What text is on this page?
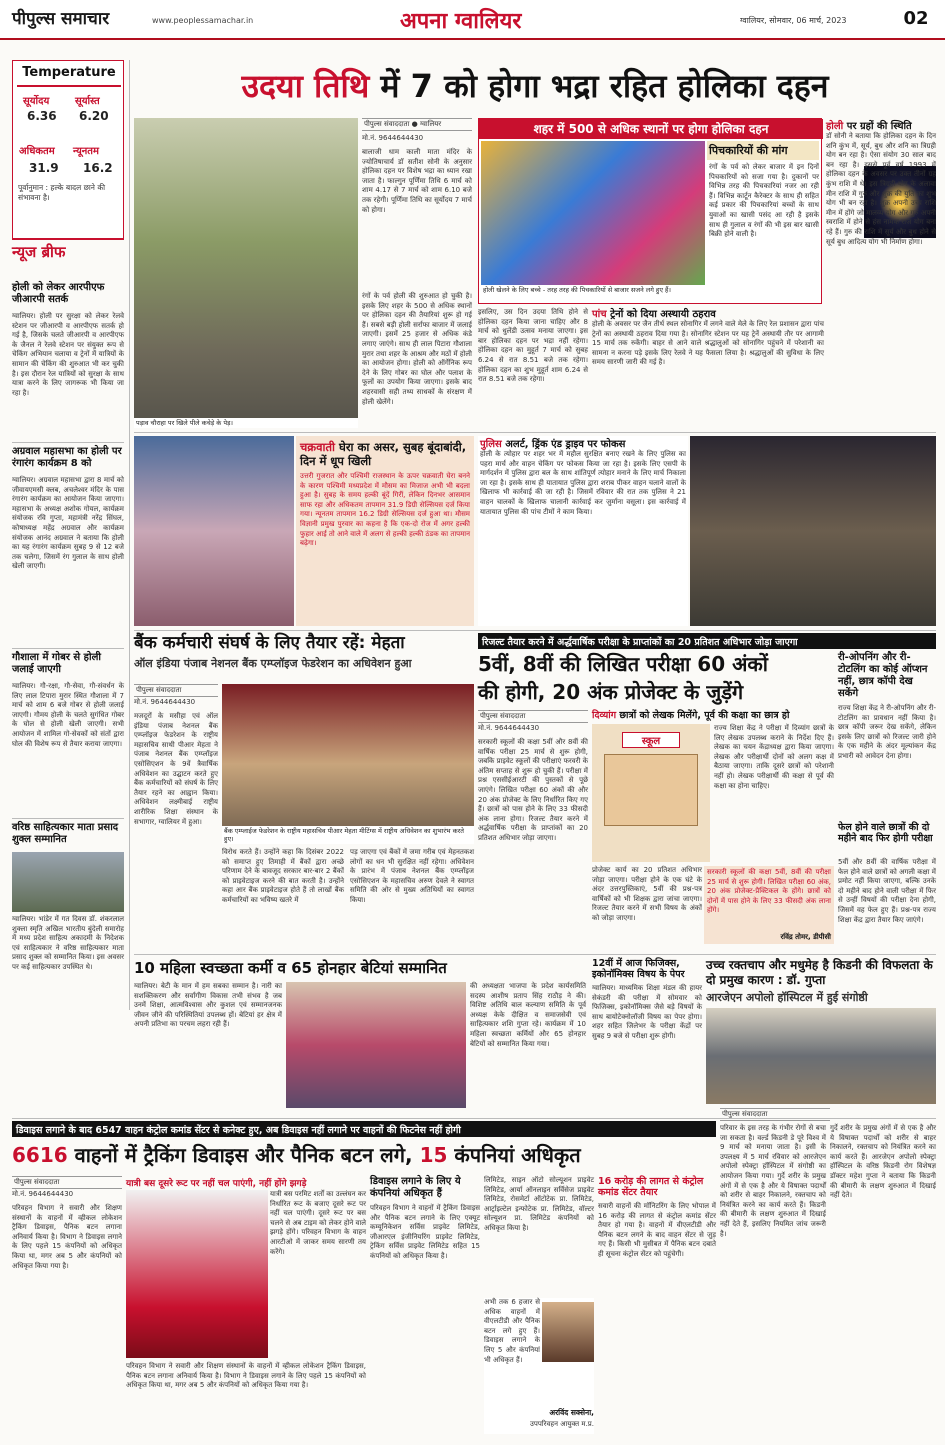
पीपुल्स समाचार	www.peoplessamachar.in	अपना ग्वालियर	ग्वालियर, सोमवार, 06 मार्च, 2023	02
Temperature
सूर्योदय	सूर्यास्त
6.36 6.20
अधिकतम न्यूनतम
31.9 16.2
पूर्वानुमान : हल्के बादल छाने की संभावना है।
न्यूज ब्रीफ
होली को लेकर आरपीएफ जीआरपी सतर्क
ग्वालियर। होली पर सुरक्षा को लेकर रेलवे स्टेशन पर जीआरपी व आरपीएफ सतर्क हो गई है, जिसके चलते जीआरपी व आरपीएफ के जैनल ने रेलवे स्टेशन पर संयुक्त रूप से चेकिंग अभियान चलाया व ट्रेनों में यात्रियों के सामान की चेकिंग की शुरुआत भी कर चुकी है। इस दौरान रेल यात्रियों को सुरक्षा के साथ यात्रा करने के लिए जागरूक भी किया जा रहा है।
अग्रवाल महासभा का होली पर रंगारंग कार्यक्रम 8 को
ग्वालियर। अग्रवाल महासभा द्वारा 8 मार्च को जीवायएमसी क्लब, अचलेश्वर मंदिर के पास रंगारंग कार्यक्रम का आयोजन किया जाएगा। महासभा के अध्यक्ष अशोक गोयल, कार्यक्रम संयोजक रवि गुप्ता, महामंत्री नरेंद्र सिंघल, कोषाध्यक्ष महेंद्र अग्रवाल और कार्यक्रम संयोजक आनंद अग्रवाल ने बताया कि होली का यह रंगारंग कार्यक्रम सुबह 9 से 12 बजे तक चलेगा, जिसमें रंग गुलाल के साथ होली खेली जाएगी।
गौशाला में गोबर से होली जलाई जाएगी
ग्वालियर। गौ-रक्षा, गौ-सेवा, गौ-संवर्धन के लिए लाल टिपारा मुरार स्थित गौशाला में 7 मार्च को शाम 6 बजे गोबर से होली जलाई जाएगी। गौमय होली के चलते सुगंधित गोबर के घोल से होली खेली जाएगी। सभी आयोजन में शामिल गो-सेवकों को संतों द्वारा घोल की विशेष रूप से तैयार कराया जाएगा।
वरिष्ठ साहित्यकार माता प्रसाद शुक्ल सम्मानित
ग्वालियर। भांडेर में गत दिवस डॉ. शंकरलाल शुक्ला स्मृति अखिल भारतीय बुंदेली समारोह में मध्य प्रदेश साहित्य अकादमी के निदेशक एवं साहित्यकार ने वरिष्ठ साहित्यकार माता प्रसाद शुक्ल को सम्मानित किया। इस अवसर पर कई साहित्यकार उपस्थित थे।
उदया तिथि में 7 को होगा भद्रा रहित होलिका दहन
पड़ाव चौराहा पर खिले पीले कचेड़े के पेड़।
पीपुल्स संवाददाता ● ग्वालियर
मो.नं. 9644644430
बालाजी धाम काली माता मंदिर के ज्योतिषाचार्य डॉ सतीश सोनी के अनुसार होलिका दहन पर विशेष भद्रा का ध्यान रखा जाता है। फाल्गुन पूर्णिमा तिथि 6 मार्च को शाम 4.17 से 7 मार्च को शाम 6.10 बजे तक रहेगी। पूर्णिमा तिथि का सूर्योदय 7 मार्च को होगा।
रंगों के पर्व होली की शुरुआत हो चुकी है। इसके लिए शहर के 500 से अधिक स्थानों पर होलिका दहन की तैयारियां शुरू हो गई हैं। सबसे बड़ी होली सर्राफा बाजार में जलाई जाएगी। इसमें 25 हजार से अधिक कंडे लगाए जाएंगे। साथ ही लाल पिटारा गौशाला मुरार तथा शहर के आश्रम और मठों में होली का आयोजन होगा। होली को ऑर्गेनिक रूप देने के लिए गोबर का घोल और पलाश के फूलों का उपयोग किया जाएगा। इसके बाद शहरवासी सही तथ्य साधकों के संरक्षण में होली खेलेंगे।
शहर में 500 से अधिक स्थानों पर होगा होलिका दहन
होली खेलने के लिए बच्चे - तरह तरह की पिचकारियों से बाजार सजने लगे हुए हैं।
पिचकारियों की मांग
रंगों के पर्व को लेकर बाजार में इन दिनों पिचकारियों को सजा गया है। दुकानों पर विभिन्न तरह की पिचकारियां नजर आ रही हैं। विभिन्न कार्टून कैरेक्टर के साथ ही सहित कई प्रकार की पिचकारियां बच्चों के साथ युवाओं का खासी पसंद आ रही है इसके साथ ही गुलाल व रंगों की भी इस बार खासी बिक्री होने वाली है।
इसलिए, उस दिन उदया तिथि होने से होलिका दहन किया जाना चाहिए और 8 मार्च को धुलेंडी उत्सव मनाया जाएगा। इस बार होलिका दहन पर भद्रा नहीं रहेगा। होलिका दहन का मुहूर्त 7 मार्च को सुबह 6.24 से रात 8.51 बजे तक रहेगा। होलिका दहन का शुभ मुहूर्त शाम 6.24 से रात 8.51 बजे तक रहेगा।
होली पर ग्रहों की स्थिति
डॉ सोनी ने बताया कि होलिका दहन के दिन शनि कुंभ में, सूर्य, बुध और शनि का त्रिग्रही योग बन रहा है। ऐसा संयोग 30 साल बाद बन रहा है। इससे पूर्व वर्ष 1993 में होलिका दहन के अवसर पर उक्त तीनों ग्रह कुंभ राशि में थे। इस त्रिग्रही योग के अलावा मीन राशि में गुरु और शुक्र की युति का शुभ योग भी बन रहा है। शुक्र अपनी उच्च राशि मीन में होंगे जो मालव्य योग और गुरु अपनी स्वराशि में होने से हंस नामक राज योग बना रहे हैं। गुरु की राशि में सूर्य और बुध होने से सूर्य बुध आदित्य योग भी निर्माण होगा।
पांच ट्रेनों को दिया अस्थायी ठहराव
होली के अवसर पर जैन तीर्थ स्थल सोनागिर में लगने वाले मेले के लिए रेल प्रशासन द्वारा पांच ट्रेनों का अस्थायी ठहराव दिया गया है। सोनागिर स्टेशन पर यह ट्रेनें अस्थायी तौर पर आगामी 15 मार्च तक रुकेंगी। बाहर से आने वाले श्रद्धालुओं को सोनागिर पहुंचने में परेशानी का सामना न करना पड़े इसके लिए रेलवे ने यह फैसला लिया है। श्रद्धालुओं की सुविधा के लिए समय सारणी जारी की गई है।
चक्रवाती घेरा का असर, सुबह बूंदाबांदी, दिन में धूप खिली
उत्तरी गुजरात और पश्चिमी राजस्थान के ऊपर चक्रवाती घेरा बनने के कारण पश्चिमी मध्यप्रदेश में मौसम का मिजाज अभी भी बदला हुआ है। सुबह के समय हल्की बूंदें गिरीं, लेकिन दिनभर आसमान साफ रहा और अधिकतम तापमान 31.9 डिग्री सेल्सियस दर्ज किया गया। न्यूनतम तापमान 16.2 डिग्री सेल्सियस दर्ज हुआ था। मौसम विज्ञानी प्रमुख पुरवार का कहना है कि एक-दो रोज में अगर हल्की फुहार आई तो आने वाले में अलग से हल्की हल्की ठंडक का तापमान बढ़ेगा।
पुलिस अलर्ट, ड्रिंक एंड ड्राइव पर फोकस
होली के त्योहार पर शहर भर में महौल सुरक्षित बनाए रखने के लिए पुलिस का पहरा मार्च और वाहन चेकिंग पर फोकस किया जा रहा है। इसके लिए एसपी के मार्गदर्शन में पुलिस द्वारा बल के साथ शांतिपूर्ण त्योहार मनाने के लिए मार्च निकाला जा रहा है। इसके साथ ही यातायात पुलिस द्वारा शराब पीकर वाहन चलाने वालों के खिलाफ भी कार्रवाई की जा रही है। जिसमें रविवार की रात तक पुलिस ने 21 वाहन चालकों के खिलाफ चालानी कार्रवाई कर जुर्माना वसूला। इस कार्रवाई में यातायात पुलिस की पांच टीमों ने काम किया।
बैंक कर्मचारी संघर्ष के लिए तैयार रहें: मेहता
ऑल इंडिया पंजाब नेशनल बैंक एम्प्लॉइज फेडरेशन का अधिवेशन हुआ
पीपुल्स संवाददाता
मो.नं. 9644644430
मजदूरों के मसीहा एवं ऑल इंडिया पंजाब नेशनल बैंक एम्प्लॉइज फेडरेशन के राष्ट्रीय महासचिव साथी पीआर मेहता ने पंजाब नेशनल बैंक एम्प्लॉइज एसोसिएशन के 9वें त्रैवार्षिक अधिवेशन का उद्घाटन करते हुए बैंक कर्मचारियों को संघर्ष के लिए तैयार रहने का आह्वान किया। अधिवेशन लक्ष्मीबाई राष्ट्रीय शारीरिक शिक्षा संस्थान के सभागार, ग्वालियर में हुआ।
बैंक एम्प्लाईज फेडरेशन के राष्ट्रीय महासचिव पीआर मेहता मीटिंग्स में राष्ट्रीय अधिवेशन का शुभारंभ करते हुए।
विरोध करते हैं। उन्होंने कहा कि दिसंबर 2022 को समाप्त हुए तिमाही में बैंकों द्वारा अच्छे परिणाम देने के बावजूद सरकार बार-बार 2 बैंकों को प्राइवेटाइज करने की बात करती है। उन्होंने कहा आर बैंक प्राइवेटाइज होते हैं तो लाखों बैंक कर्मचारियों का भविष्य खतरे में
पड़ जाएगा एवं बैंकों में जमा गरीब एवं मेहनतकश लोगों का धन भी सुरक्षित नहीं रहेगा। अधिवेशन के प्रारंभ में पंजाब नेशनल बैंक एम्प्लॉइज एसोसिएशन के महासचिव अरुण देवले ने स्वागत समिति की ओर से मुख्य अतिथियों का स्वागत किया।
रिजल्ट तैयार करने में अर्द्धवार्षिक परीक्षा के प्राप्तांकों का 20 प्रतिशत अधिभार जोड़ा जाएगा
5वीं, 8वीं की लिखित परीक्षा 60 अंकों
की होगी, 20 अंक प्रोजेक्ट के जुड़ेंगे
पीपुल्स संवाददाता
मो.नं. 9644644430
सरकारी स्कूलों की कक्षा 5वीं और 8वीं की वार्षिक परीक्षा 25 मार्च से शुरू होगी, जबकि प्राइवेट स्कूलों की परीक्षाएं फरवरी के अंतिम सप्ताह से शुरू हो चुकी हैं। परीक्षा में प्रश्न एससीईआरटी की पुस्तकों से पूछे जाएंगे। लिखित परीक्षा 60 अंकों की और 20 अंक प्रोजेक्ट के लिए निर्धारित किए गए हैं। छात्रों को पास होने के लिए 33 फीसदी अंक लाना होगा। रिजल्ट तैयार करने में अर्द्धवार्षिक परीक्षा के प्राप्तांकों का 20 प्रतिशत अधिभार जोड़ा जाएगा।
दिव्यांग छात्रों को लेखक मिलेंगे, पूर्व की कक्षा का छात्र हो
स्कूल
राज्य शिक्षा केंद्र ने परीक्षा में दिव्यांग छात्रों के लिए लेखक उपलब्ध कराने के निर्देश दिए हैं। लेखक का चयन केंद्राध्यक्ष द्वारा किया जाएगा। लेखक और परीक्षार्थी दोनों को अलग कक्ष में बैठाया जाएगा। ताकि दूसरे छात्रों को परेशानी नहीं हो। लेखक परीक्षार्थी की कक्षा से पूर्व की कक्षा का होना चाहिए।
प्रोजेक्ट कार्य का 20 प्रतिशत अधिभार जोड़ा जाएगा। परीक्षा होने के एक घंटे के अंदर उत्तरपुस्तिकाएं, 5वीं की प्रश्न-पत्र वार्षिकों को भी शिक्षक द्वारा जांचा जाएगा। रिजल्ट तैयार करने में सभी विषय के अंकों को जोड़ा जाएगा।
सरकारी स्कूलों की कक्षा 5वीं, 8वीं की परीक्षा 25 मार्च से शुरू होगी। लिखित परीक्षा 60 अंक, 20 अंक प्रोजेक्ट-प्रैक्टिकल के होंगे। छात्रों को दोनों में पास होने के लिए 33 फीसदी अंक लाना होंगे।
रविंद्र तोमर, डीपीसी
री-ओपनिंग और री-टोटलिंग का कोई ऑप्शन नहीं, छात्र कॉपी देख सकेंगे
राज्य शिक्षा केंद्र ने री-ओपनिंग और री-टोटलिंग का प्रावधान नहीं किया है। छात्र कॉपी जरूर देख सकेंगे, लेकिन इसके लिए छात्रों को रिजल्ट जारी होने के एक महीने के अंदर मूल्यांकन केंद्र प्रभारी को आवेदन देना होगा।
फेल होने वाले छात्रों की दो महीने बाद फिर होगी परीक्षा
5वीं और 8वीं की वार्षिक परीक्षा में फेल होने वाले छात्रों को अगली कक्षा में प्रमोट नहीं किया जाएगा, बल्कि उनके दो महीने बाद होने वाली परीक्षा में फिर से उन्हीं विषयों की परीक्षा देना होगी, जिसमें वह फेल हुए हैं। प्रश्न-पत्र राज्य शिक्षा केंद्र द्वारा तैयार किए जाएंगे।
10 महिला स्वच्छता कर्मी व 65 होनहार बेटियां सम्मानित
ग्वालियर। बेटी के मान में हम सबका सम्मान है। नारी का सशक्तिकरण और सर्वांगीण विकास तभी संभव है जब उनमें शिक्षा, आत्मविश्वास और कुशल एवं सम्मानजनक जीवन जीने की परिस्थितियां उपलब्ध हों। बेटियां हर क्षेत्र में अपनी प्रतिभा का परचम लहरा रही हैं।
की अध्यक्षता भाजपा के प्रदेश कार्यसमिति सदस्य आशीष प्रताप सिंह राठौड़ ने की। विशिष्ट अतिथि बाल कल्याण समिति के पूर्व अध्यक्ष केके दीक्षित व समाजसेवी एवं साहित्यकार शशि गुप्ता रहे। कार्यक्रम में 10 महिला स्वच्छता कर्मियों और 65 होनहार बेटियों को सम्मानित किया गया।
12वीं में आज फिजिक्स, इकोनॉमिक्स विषय के पेपर
ग्वालियर। माध्यमिक शिक्षा मंडल की हायर सेकंडरी की परीक्षा में सोमवार को फिजिक्स, इकोनॉमिक्स जैसे बड़े विषयों के साथ बायोटेक्नोलॉजी विषय का पेपर होगा। शहर सहित जिलेभर के परीक्षा केंद्रों पर सुबह 9 बजे से परीक्षा शुरू होगी।
उच्च रक्तचाप और मधुमेह है किडनी की विफलता के दो प्रमुख कारण : डॉ. गुप्ता
आरजेएन अपोलो हॉस्पिटल में हुई संगोष्ठी
डिवाइस लगाने के बाद 6547 वाहन कंट्रोल कमांड सेंटर से कनेक्ट हुए, अब डिवाइस नहीं लगाने पर वाहनों की फिटनेस नहीं होगी
6616 वाहनों में ट्रैकिंग डिवाइस और पैनिक बटन लगे, 15 कंपनियां अधिकृत
पीपुल्स संवाददाता
मो.नं. 9644644430
परिवहन विभाग ने सवारी और शिक्षण संस्थानों के वाहनों में व्हीकल लोकेशन ट्रैकिंग डिवाइस, पैनिक बटन लगाना अनिवार्य किया है। विभाग ने डिवाइस लगाने के लिए पहले 15 कंपनियों को अधिकृत किया था, मगर अब 5 और कंपनियों को अधिकृत किया गया है।
यात्री बस दूसरे रूट पर नहीं चल पाएंगी, नहीं होंगे झगड़े
यात्री बस परमिट शर्तों का उल्लंघन कर निर्धारित रूट के बजाए दूसरे रूट पर नहीं चल पाएंगी। दूसरे रूट पर बस चलने से अब टाइम को लेकर होने वाले झगड़े होंगे। परिवहन विभाग के वाहन आरटीओ में जाकर समय सारणी तय करेंगे।
परिवहन विभाग ने सवारी और शिक्षण संस्थानों के वाहनों में व्हीकल लोकेशन ट्रैकिंग डिवाइस, पैनिक बटन लगाना अनिवार्य किया है। विभाग ने डिवाइस लगाने के लिए पहले 15 कंपनियों को अधिकृत किया था, मगर अब 5 और कंपनियों को अधिकृत किया गया है।
डिवाइस लगाने के लिए ये कंपनियां अधिकृत हैं
परिवहन विभाग ने वाहनों में ट्रैकिंग डिवाइस और पैनिक बटन लगाने के लिए एक्यूट कम्यूनिकेशन सर्विस प्राइवेट लिमिटेड, जीआरएल इंजीनियरिंग प्राइवेट लिमिटेड, ट्रेकिंग सर्विस प्राइवेट लिमिटेड सहित 15 कंपनियों को अधिकृत किया है।
लिमिटेड, साइन ऑटो सोल्यूशन प्राइवेट लिमिटेड, आर्या ऑनलाइन सर्विसेज प्राइवेट लिमिटेड, रोसमेर्टा ऑटोटेक प्रा. लिमिटेड, आर्ट्राइल्टेल इन्फोटेक प्रा. लिमिटेड, वॉल्टर सोल्यूशन प्रा. लिमिटेड कंपनियों को अधिकृत किया है।
अभी तक 6 हजार से अधिक वाहनों में वीएलटीडी और पैनिक बटन लगे हुए हैं। डिवाइस लगाने के लिए 5 और कंपनियां भी अधिकृत हैं।
अरविंद सक्सेना,
उपपरिवहन आयुक्त म.प्र.
16 करोड़ की लागत से कंट्रोल कमांड सेंटर तैयार
सवारी वाहनों की मॉनिटरिंग के लिए भोपाल में 16 करोड़ की लागत से कंट्रोल कमांड सेंटर तैयार हो गया है। वाहनों में वीएलटीडी और पैनिक बटन लगने के बाद वाहन सेंटर से जुड़ गए हैं। किसी भी मुसीबत में पैनिक बटन दबाते ही सूचना कंट्रोल सेंटर को पहुंचेगी।
पीपुल्स संवाददाता
परिवार के इस तरह के गंभीर रोगों से बचा जा सकता है। वर्ल्ड किडनी डे पूरे विश्व में 9 मार्च को मनाया जाता है। इसी के उपलक्ष्य में 5 मार्च रविवार को आरजेएन अपोलो स्पेक्ट्रा हॉस्पिटल में संगोष्ठी का आयोजन किया गया। गुर्दे शरीर के प्रमुख अंगों में से एक है और ये विषाक्त पदार्थों को शरीर से बाहर निकालने, रक्तचाप को नियंत्रित करने का कार्य करते हैं। किडनी की बीमारी के लक्षण शुरुआत में दिखाई नहीं देते हैं, इसलिए नियमित जांच जरूरी है।
गुर्दे शरीर के प्रमुख अंगों में से एक है और ये विषाक्त पदार्थों को शरीर से बाहर निकालने, रक्तचाप को नियंत्रित करने का कार्य करते हैं। आरजेएन अपोलो स्पेक्ट्रा हॉस्पिटल के वरिष्ठ किडनी रोग विशेषज्ञ डॉक्टर महेश गुप्ता ने बताया कि किडनी की बीमारी के लक्षण शुरुआत में दिखाई नहीं देते।
